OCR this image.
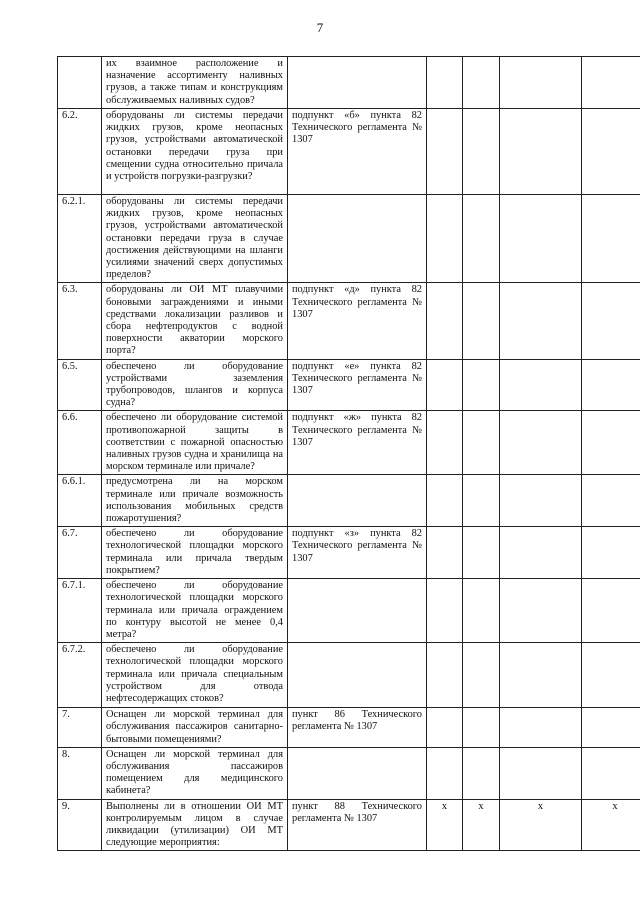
7
	их взаимное расположение и назначение ассортименту наливных грузов, а также типам и конструкциям обслуживаемых наливных судов?					
6.2.	оборудованы ли системы передачи жидких грузов, кроме неопасных грузов, устройствами автоматической остановки передачи груза при смещении судна относительно причала и устройств погрузки-разгрузки?	подпункт «б» пункта 82 Технического регламента № 1307				
6.2.1.	оборудованы ли системы передачи жидких грузов, кроме неопасных грузов, устройствами автоматической остановки передачи груза в случае достижения действующими на шланги усилиями значений сверх допустимых пределов?					
6.3.	оборудованы ли ОИ МТ плавучими боновыми заграждениями и иными средствами локализации разливов и сбора нефтепродуктов с водной поверхности акватории морского порта?	подпункт «д» пункта 82 Технического регламента № 1307				
6.5.	обеспечено ли оборудование устройствами заземления трубопроводов, шлангов и корпуса судна?	подпункт «е» пункта 82 Технического регламента № 1307				
6.6.	обеспечено ли оборудование системой противопожарной защиты в соответствии с пожарной опасностью наливных грузов судна и хранилища на морском терминале или причале?	подпункт «ж» пункта 82 Технического регламента № 1307				
6.6.1.	предусмотрена ли на морском терминале или причале возможность использования мобильных средств пожаротушения?					
6.7.	обеспечено ли оборудование технологической площадки морского терминала или причала твердым покрытием?	подпункт «з» пункта 82 Технического регламента № 1307				
6.7.1.	обеспечено ли оборудование технологической площадки морского терминала или причала ограждением по контуру высотой не менее 0,4 метра?					
6.7.2.	обеспечено ли оборудование технологической площадки морского терминала или причала специальным устройством для отвода нефтесодержащих стоков?					
7.	Оснащен ли морской терминал для обслуживания пассажиров санитарно-бытовыми помещениями?	пункт 86 Технического регламента № 1307				
8.	Оснащен ли морской терминал для обслуживания пассажиров помещением для медицинского кабинета?					
9.	Выполнены ли в отношении ОИ МТ контролируемым лицом в случае ликвидации (утилизации) ОИ МТ следующие мероприятия:	пункт 88 Технического регламента № 1307	x	x	x	x
